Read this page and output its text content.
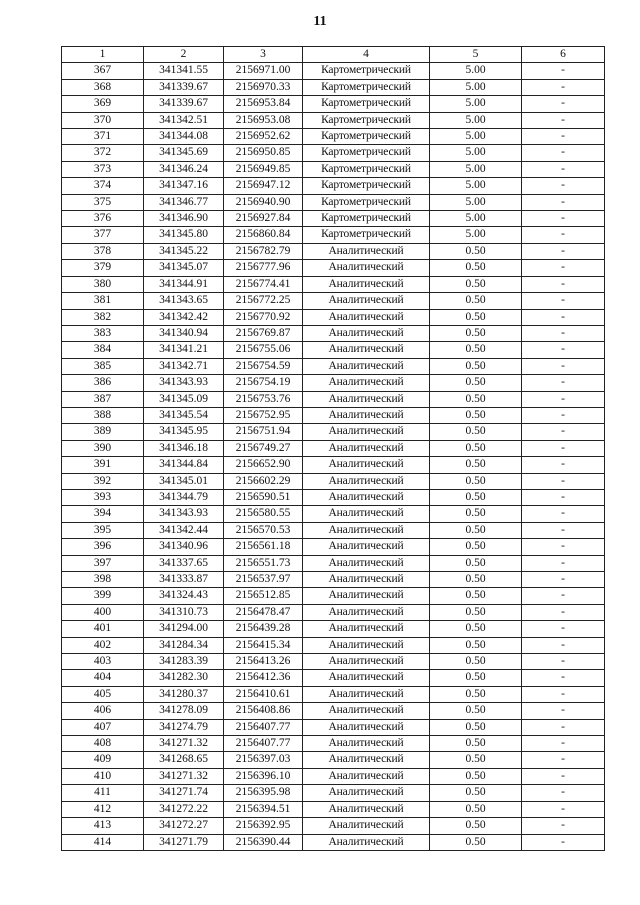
11
1	2	3	4	5	6
367	341341.55	2156971.00	Картометрический	5.00	-
368	341339.67	2156970.33	Картометрический	5.00	-
369	341339.67	2156953.84	Картометрический	5.00	-
370	341342.51	2156953.08	Картометрический	5.00	-
371	341344.08	2156952.62	Картометрический	5.00	-
372	341345.69	2156950.85	Картометрический	5.00	-
373	341346.24	2156949.85	Картометрический	5.00	-
374	341347.16	2156947.12	Картометрический	5.00	-
375	341346.77	2156940.90	Картометрический	5.00	-
376	341346.90	2156927.84	Картометрический	5.00	-
377	341345.80	2156860.84	Картометрический	5.00	-
378	341345.22	2156782.79	Аналитический	0.50	-
379	341345.07	2156777.96	Аналитический	0.50	-
380	341344.91	2156774.41	Аналитический	0.50	-
381	341343.65	2156772.25	Аналитический	0.50	-
382	341342.42	2156770.92	Аналитический	0.50	-
383	341340.94	2156769.87	Аналитический	0.50	-
384	341341.21	2156755.06	Аналитический	0.50	-
385	341342.71	2156754.59	Аналитический	0.50	-
386	341343.93	2156754.19	Аналитический	0.50	-
387	341345.09	2156753.76	Аналитический	0.50	-
388	341345.54	2156752.95	Аналитический	0.50	-
389	341345.95	2156751.94	Аналитический	0.50	-
390	341346.18	2156749.27	Аналитический	0.50	-
391	341344.84	2156652.90	Аналитический	0.50	-
392	341345.01	2156602.29	Аналитический	0.50	-
393	341344.79	2156590.51	Аналитический	0.50	-
394	341343.93	2156580.55	Аналитический	0.50	-
395	341342.44	2156570.53	Аналитический	0.50	-
396	341340.96	2156561.18	Аналитический	0.50	-
397	341337.65	2156551.73	Аналитический	0.50	-
398	341333.87	2156537.97	Аналитический	0.50	-
399	341324.43	2156512.85	Аналитический	0.50	-
400	341310.73	2156478.47	Аналитический	0.50	-
401	341294.00	2156439.28	Аналитический	0.50	-
402	341284.34	2156415.34	Аналитический	0.50	-
403	341283.39	2156413.26	Аналитический	0.50	-
404	341282.30	2156412.36	Аналитический	0.50	-
405	341280.37	2156410.61	Аналитический	0.50	-
406	341278.09	2156408.86	Аналитический	0.50	-
407	341274.79	2156407.77	Аналитический	0.50	-
408	341271.32	2156407.77	Аналитический	0.50	-
409	341268.65	2156397.03	Аналитический	0.50	-
410	341271.32	2156396.10	Аналитический	0.50	-
411	341271.74	2156395.98	Аналитический	0.50	-
412	341272.22	2156394.51	Аналитический	0.50	-
413	341272.27	2156392.95	Аналитический	0.50	-
414	341271.79	2156390.44	Аналитический	0.50	-
